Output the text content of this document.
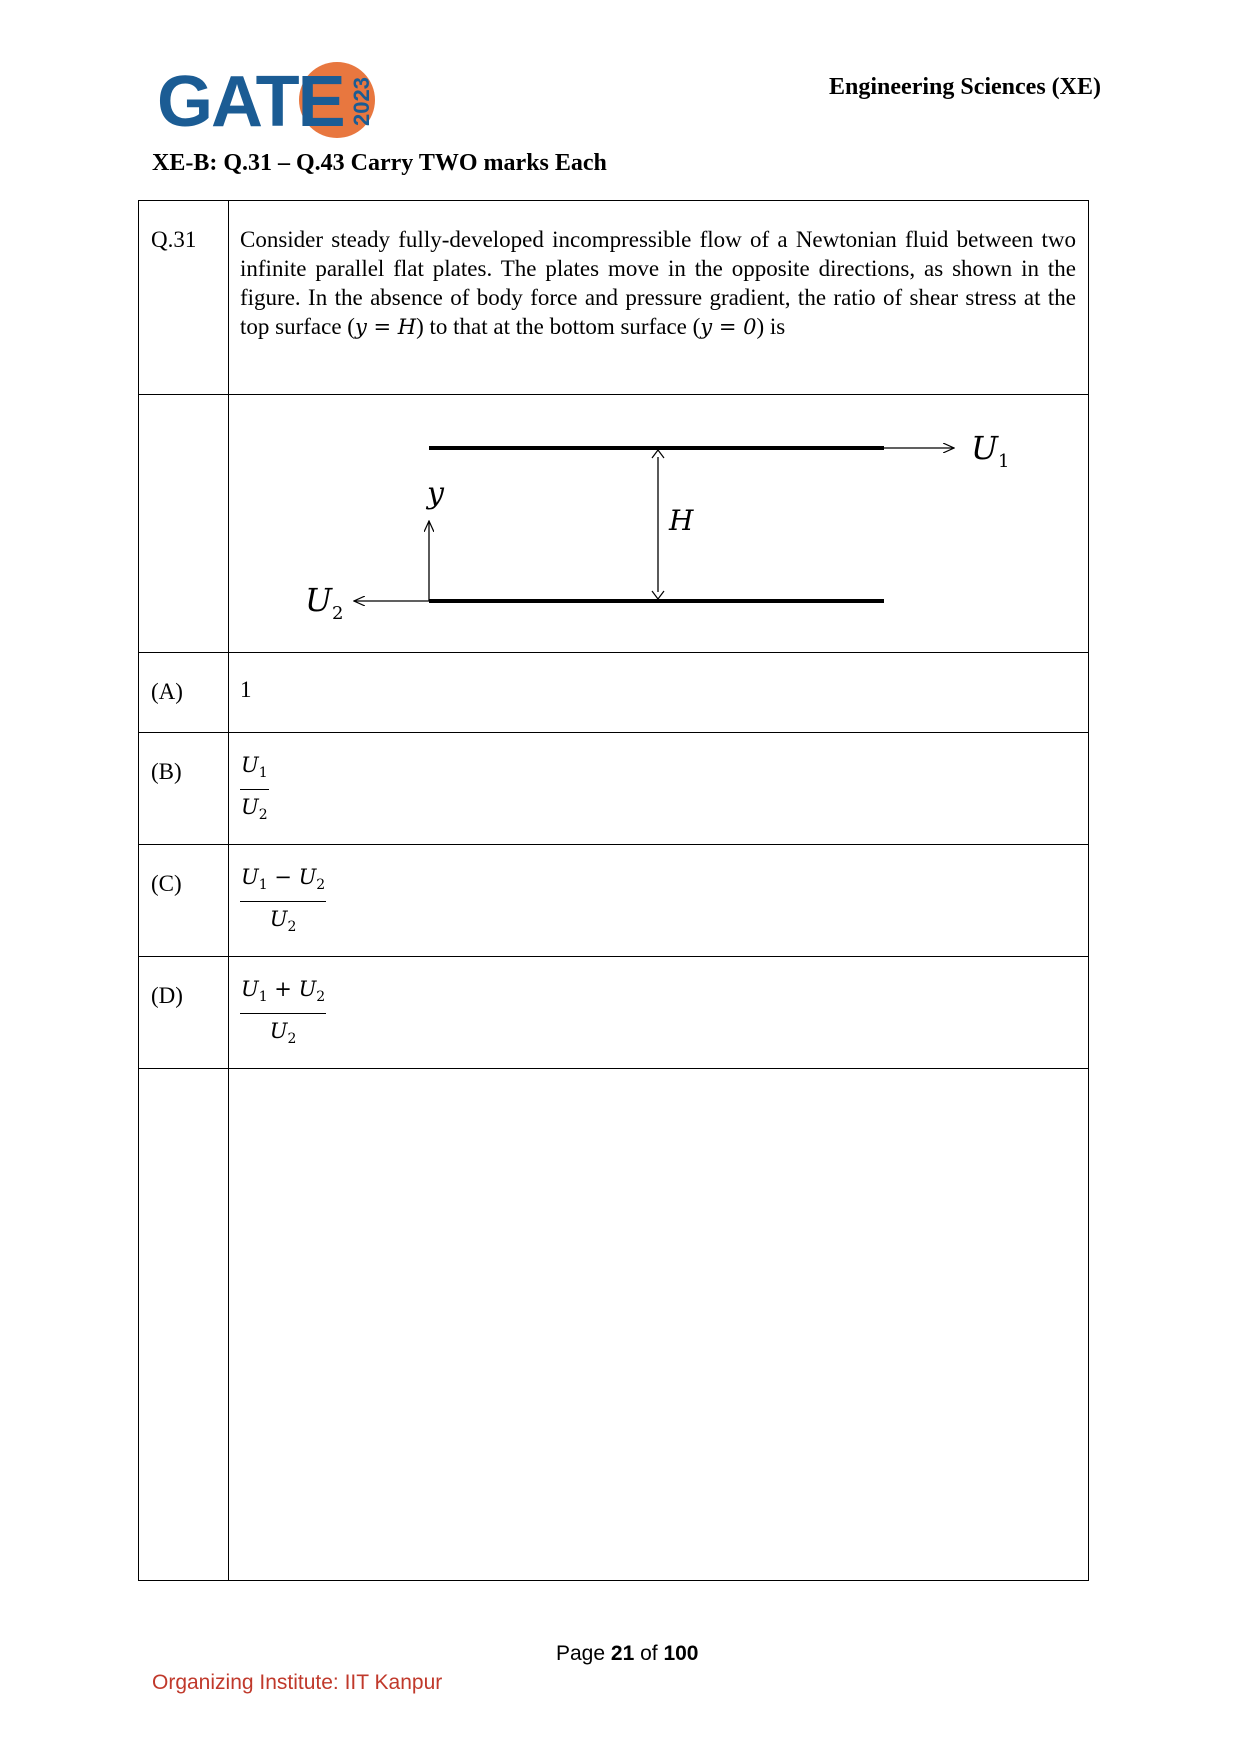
GATE 2023	Engineering Sciences (XE)
XE-B: Q.31 – Q.43 Carry TWO marks Each
Q.31	Consider steady fully-developed incompressible flow of a Newtonian fluid between two infinite parallel flat plates. The plates move in the opposite directions, as shown in the figure. In the absence of body force and pressure gradient, the ratio of shear stress at the top surface (y = H) to that at the bottom surface (y = 0) is

$U_1$
$U_2$
y
H

(A)	1
(B)	$\frac{U_1}{U_2}$

(C)	$\frac{U_1 - U_2}{U_2}$

(D)	$\frac{U_1 + U_2}{U_2}$

Page 21 of 100
Organizing Institute: IIT Kanpur
